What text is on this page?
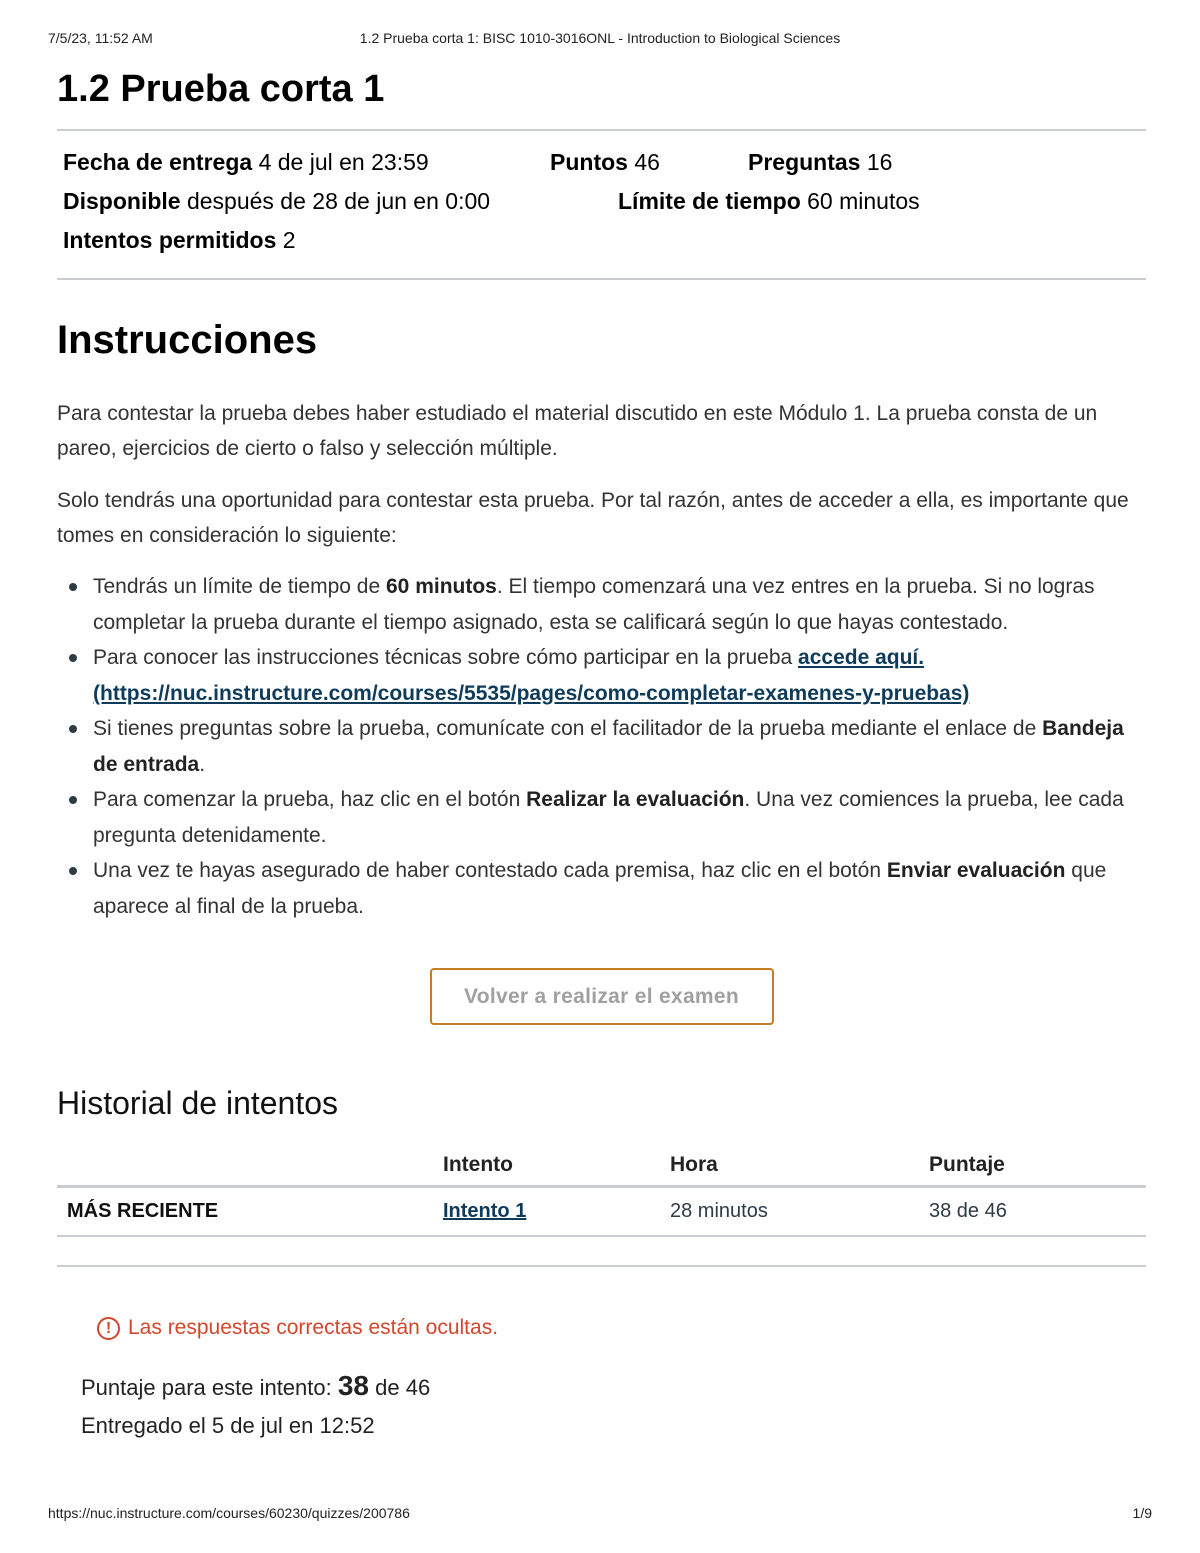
7/5/23, 11:52 AM	1.2 Prueba corta 1: BISC 1010-3016ONL - Introduction to Biological Sciences
1.2 Prueba corta 1
Fecha de entrega 4 de jul en 23:59	Puntos 46	Preguntas 16
Disponible después de 28 de jun en 0:00	Límite de tiempo 60 minutos
Intentos permitidos 2
Instrucciones

Para contestar la prueba debes haber estudiado el material discutido en este Módulo 1. La prueba consta de un pareo, ejercicios de cierto o falso y selección múltiple.

Solo tendrás una oportunidad para contestar esta prueba. Por tal razón, antes de acceder a ella, es importante que tomes en consideración lo siguiente:

Tendrás un límite de tiempo de 60 minutos. El tiempo comenzará una vez entres en la prueba. Si no logras completar la prueba durante el tiempo asignado, esta se calificará según lo que hayas contestado.
Para conocer las instrucciones técnicas sobre cómo participar en la prueba accede aquí.
(https://nuc.instructure.com/courses/5535/pages/como-completar-examenes-y-pruebas)
Si tienes preguntas sobre la prueba, comunícate con el facilitador de la prueba mediante el enlace de Bandeja de entrada.
Para comenzar la prueba, haz clic en el botón Realizar la evaluación. Una vez comiences la prueba, lee cada pregunta detenidamente.
Una vez te hayas asegurado de haber contestado cada premisa, haz clic en el botón Enviar evaluación que aparece al final de la prueba.
Volver a realizar el examen
Historial de intentos
	Intento	Hora	Puntaje
MÁS RECIENTE	Intento 1	28 minutos	38 de 46
! Las respuestas correctas están ocultas.
Puntaje para este intento: 38 de 46
Entregado el 5 de jul en 12:52
https://nuc.instructure.com/courses/60230/quizzes/200786	1/9
